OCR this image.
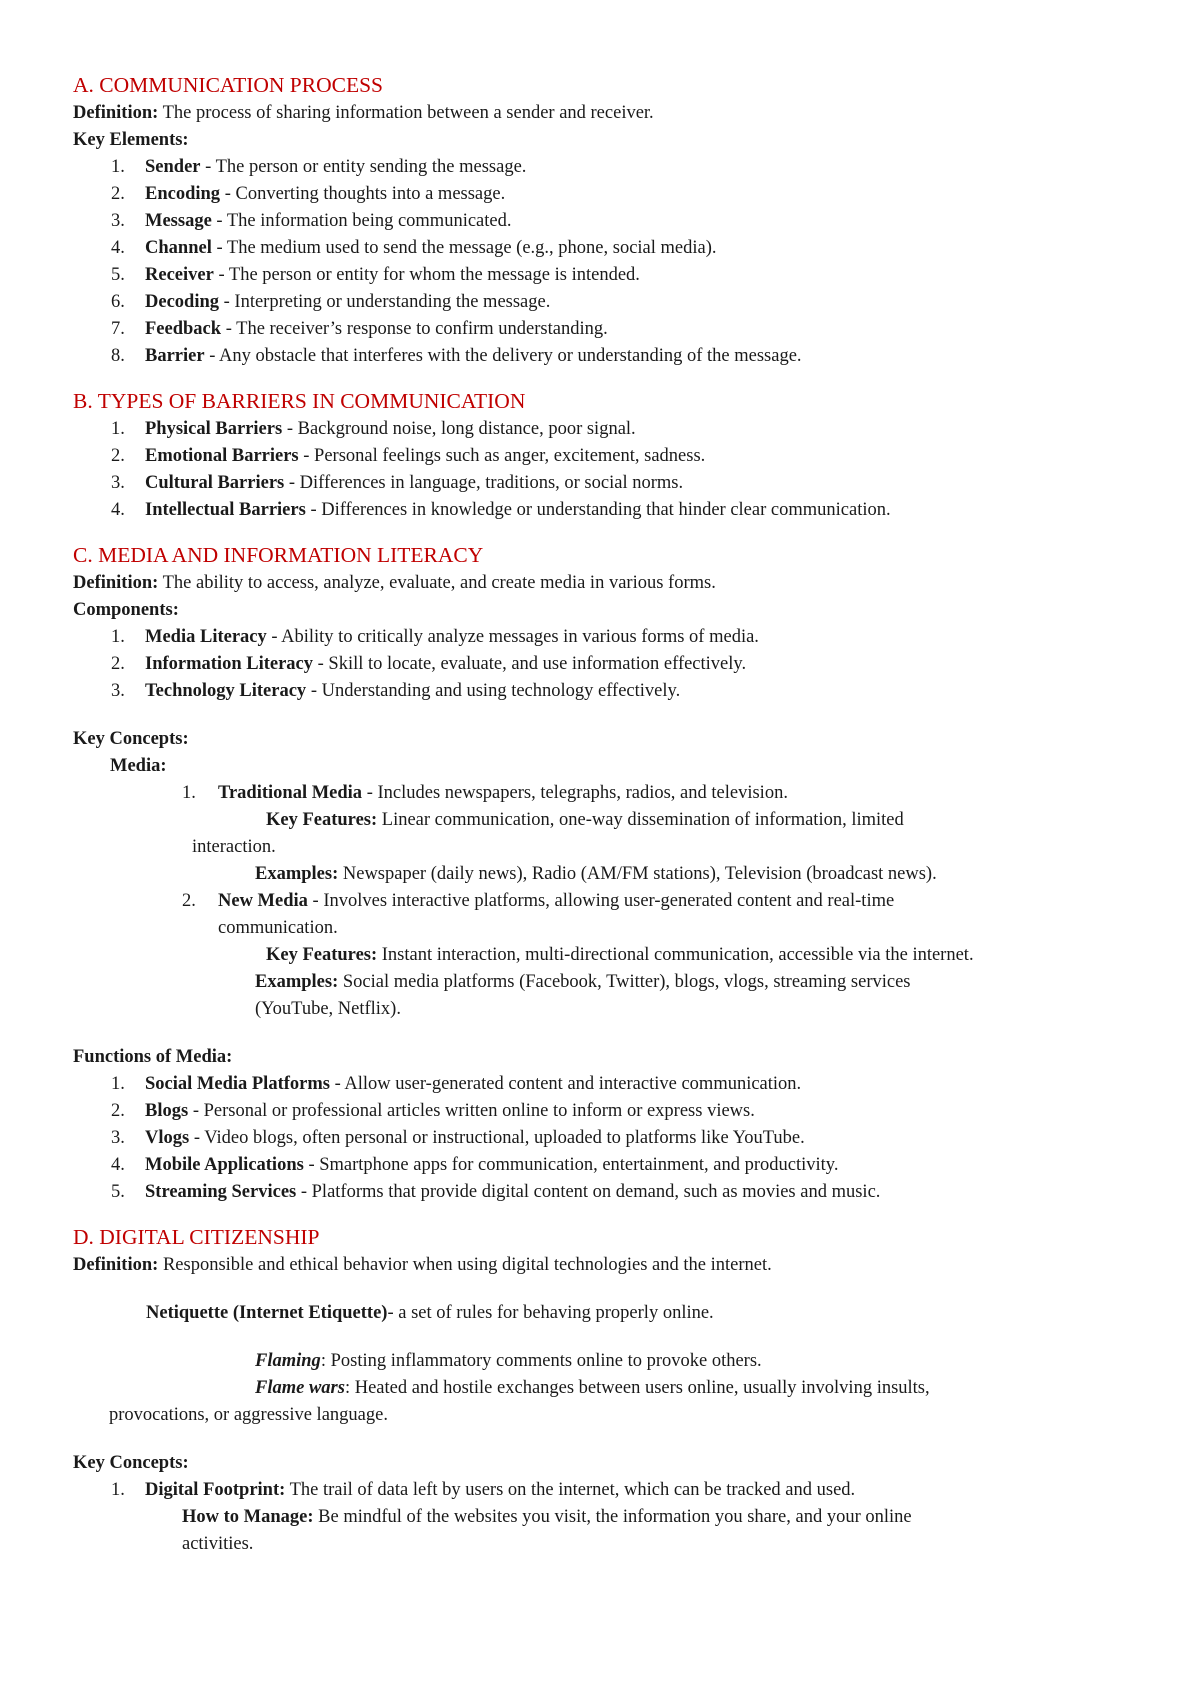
A. COMMUNICATION PROCESS
Definition: The process of sharing information between a sender and receiver.
Key Elements:
1. Sender - The person or entity sending the message.
2. Encoding - Converting thoughts into a message.
3. Message - The information being communicated.
4. Channel - The medium used to send the message (e.g., phone, social media).
5. Receiver - The person or entity for whom the message is intended.
6. Decoding - Interpreting or understanding the message.
7. Feedback - The receiver’s response to confirm understanding.
8. Barrier - Any obstacle that interferes with the delivery or understanding of the message.
B. TYPES OF BARRIERS IN COMMUNICATION
1. Physical Barriers - Background noise, long distance, poor signal.
2. Emotional Barriers - Personal feelings such as anger, excitement, sadness.
3. Cultural Barriers - Differences in language, traditions, or social norms.
4. Intellectual Barriers - Differences in knowledge or understanding that hinder clear communication.
C. MEDIA AND INFORMATION LITERACY
Definition: The ability to access, analyze, evaluate, and create media in various forms.
Components:
1. Media Literacy - Ability to critically analyze messages in various forms of media.
2. Information Literacy - Skill to locate, evaluate, and use information effectively.
3. Technology Literacy - Understanding and using technology effectively.
Key Concepts:
Media:
1. Traditional Media - Includes newspapers, telegraphs, radios, and television.
Key Features: Linear communication, one-way dissemination of information, limited
interaction.
Examples: Newspaper (daily news), Radio (AM/FM stations), Television (broadcast news).
2. New Media - Involves interactive platforms, allowing user-generated content and real-time
communication.
Key Features: Instant interaction, multi-directional communication, accessible via the internet.
Examples: Social media platforms (Facebook, Twitter), blogs, vlogs, streaming services
(YouTube, Netflix).
Functions of Media:
1. Social Media Platforms - Allow user-generated content and interactive communication.
2. Blogs - Personal or professional articles written online to inform or express views.
3. Vlogs - Video blogs, often personal or instructional, uploaded to platforms like YouTube.
4. Mobile Applications - Smartphone apps for communication, entertainment, and productivity.
5. Streaming Services - Platforms that provide digital content on demand, such as movies and music.
D. DIGITAL CITIZENSHIP
Definition: Responsible and ethical behavior when using digital technologies and the internet.
Netiquette (Internet Etiquette)- a set of rules for behaving properly online.
Flaming: Posting inflammatory comments online to provoke others.
Flame wars: Heated and hostile exchanges between users online, usually involving insults,
provocations, or aggressive language.
Key Concepts:
1. Digital Footprint: The trail of data left by users on the internet, which can be tracked and used.
How to Manage: Be mindful of the websites you visit, the information you share, and your online
activities.
